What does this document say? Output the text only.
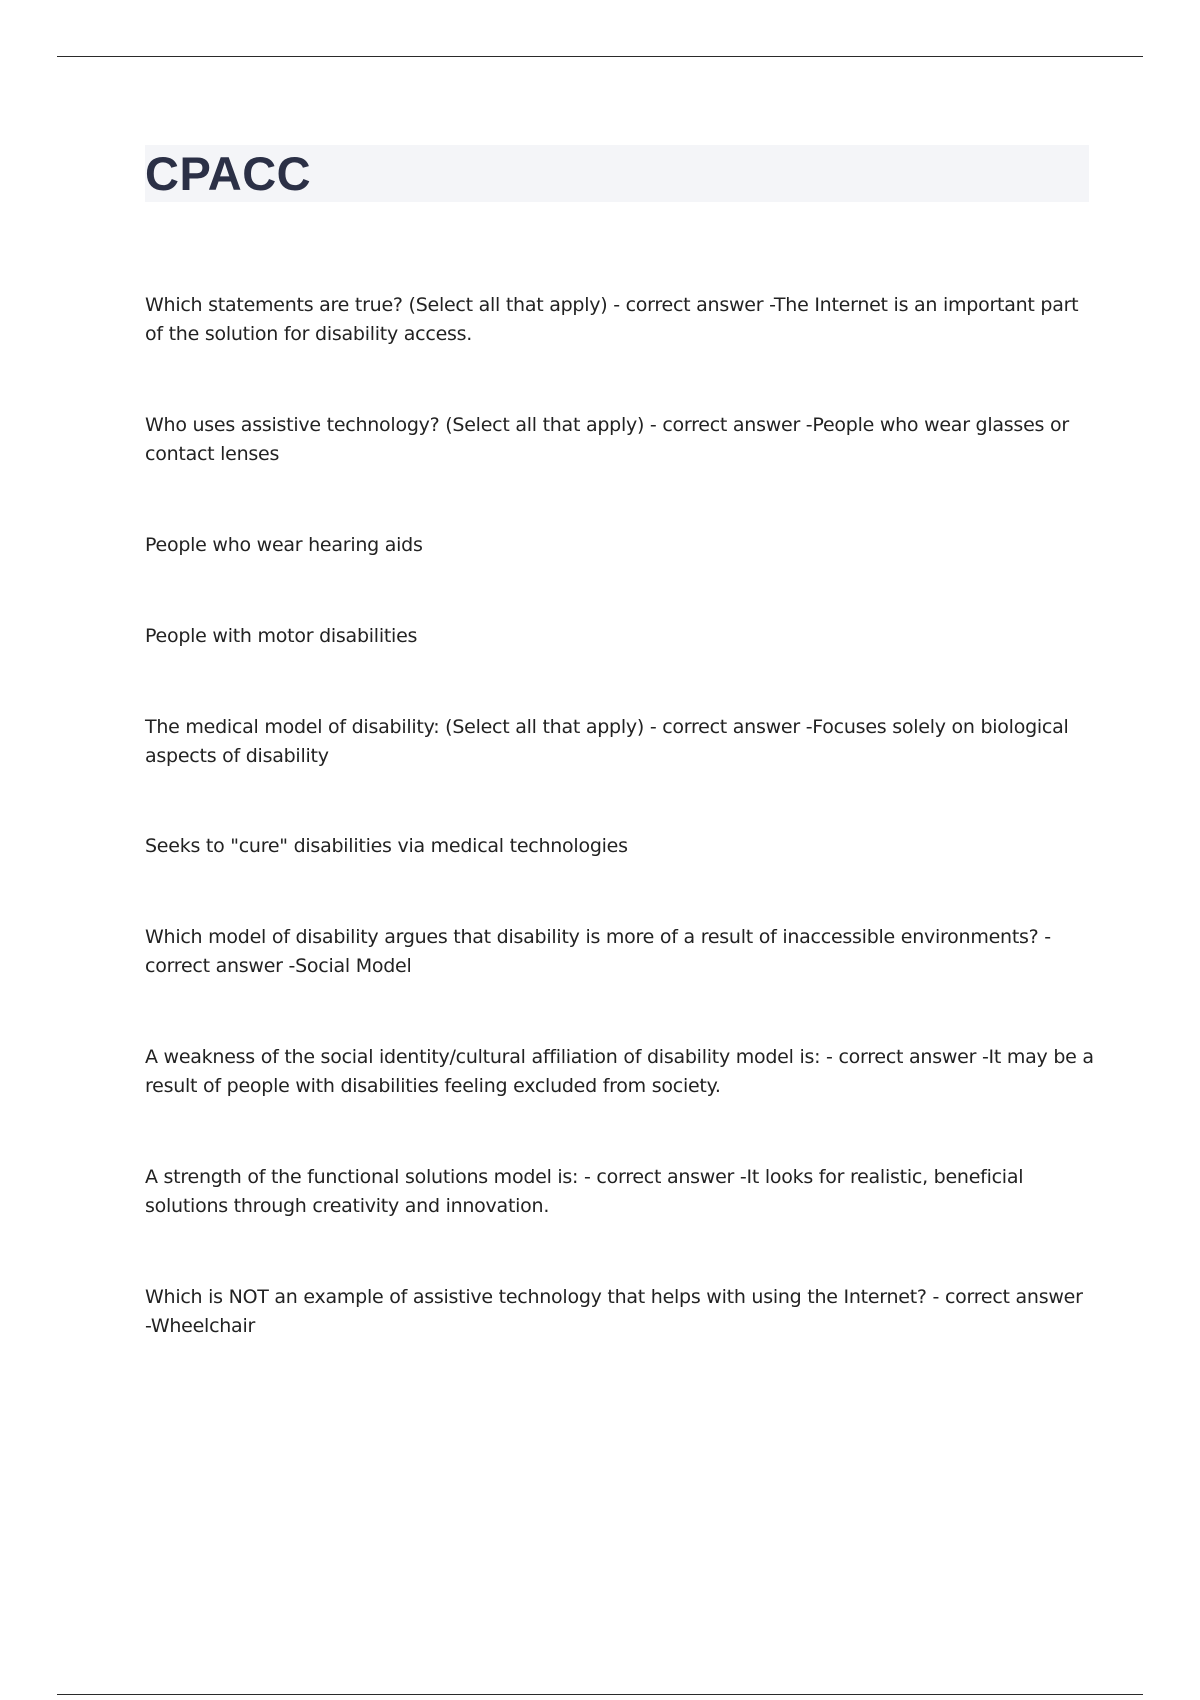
CPACC

Which statements are true? (Select all that apply) - correct answer -The Internet is an important part of the solution for disability access.

Who uses assistive technology? (Select all that apply) - correct answer -People who wear glasses or contact lenses

People who wear hearing aids

People with motor disabilities

The medical model of disability: (Select all that apply) - correct answer -Focuses solely on biological aspects of disability

Seeks to "cure" disabilities via medical technologies

Which model of disability argues that disability is more of a result of inaccessible environments? - correct answer -Social Model

A weakness of the social identity/cultural affiliation of disability model is: - correct answer -It may be a result of people with disabilities feeling excluded from society.

A strength of the functional solutions model is: - correct answer -It looks for realistic, beneficial solutions through creativity and innovation.

Which is NOT an example of assistive technology that helps with using the Internet? - correct answer -Wheelchair
